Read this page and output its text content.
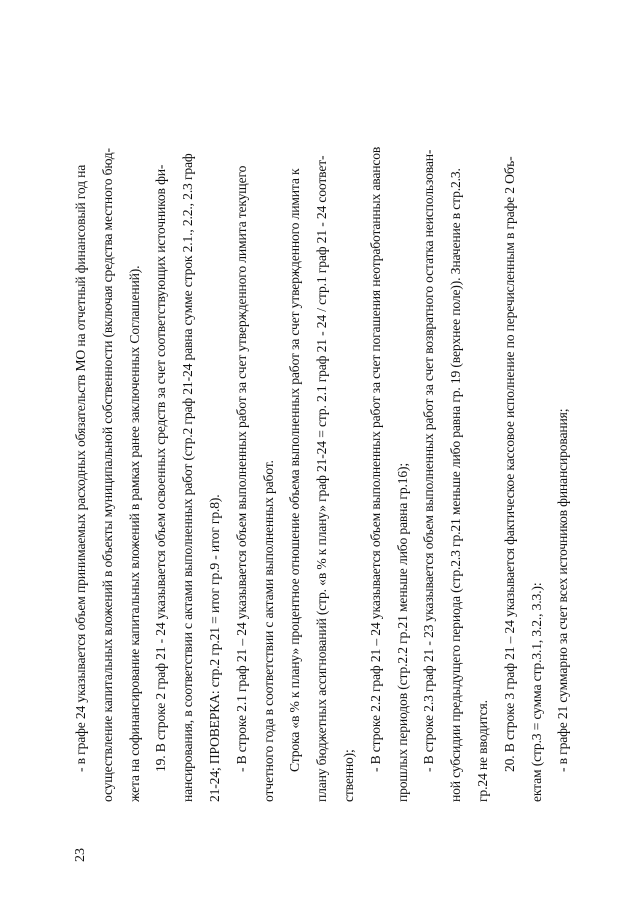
23
- в графе 24 указывается объем принимаемых расходных обязательств МО на отчетный финансовый год на осуществление капитальных вложений в объекты муниципальной собственности (включая средства местного бюд- жета на софинансирование капитальных вложений в рамках ранее заключенных Соглашений). 19. В строке 2 граф 21 - 24 указывается объем освоенных средств за счет соответствующих источников фи- нансирования, в соответствии с актами выполненных работ (стр.2 граф 21-24 равна сумме строк 2.1., 2.2., 2.3 граф 21-24; ПРОВЕРКА: стр.2 гр.21 = итог гр.9 - итог гр.8). - В строке 2.1 граф 21 – 24 указывается объем выполненных работ за счет утвержденного лимита текущего отчетного года в соответствии с актами выполненных работ. Строка «в % к плану» процентное отношение объема выполненных работ за счет утвержденного лимита к плану бюджетных ассигнований (стр. «в % к плану» граф 21-24 = стр. 2.1 граф 21 - 24 / стр.1 граф 21 - 24 соответ- ственно);
- В строке 2.2 граф 21 – 24 указывается объем выполненных работ за счет погашения неотработанных авансов прошлых периодов (стр.2.2 гр.21 меньше либо равна гр.16); - В строке 2.3 граф 21 - 23 указывается объем выполненных работ за счет возвратного остатка неиспользован- ной субсидии предыдущего периода (стр.2.3 гр.21 меньше либо равна гр. 19 (верхнее поле)). Значение в стр.2.3. гр.24 не вводится. 20. В строке 3 граф 21 – 24 указывается фактическое кассовое исполнение по перечисленным в графе 2 Объ- ектам (стр.3 = сумма стр.3.1, 3.2., 3.3.): - в графе 21 суммарно за счет всех источников финансирования;
